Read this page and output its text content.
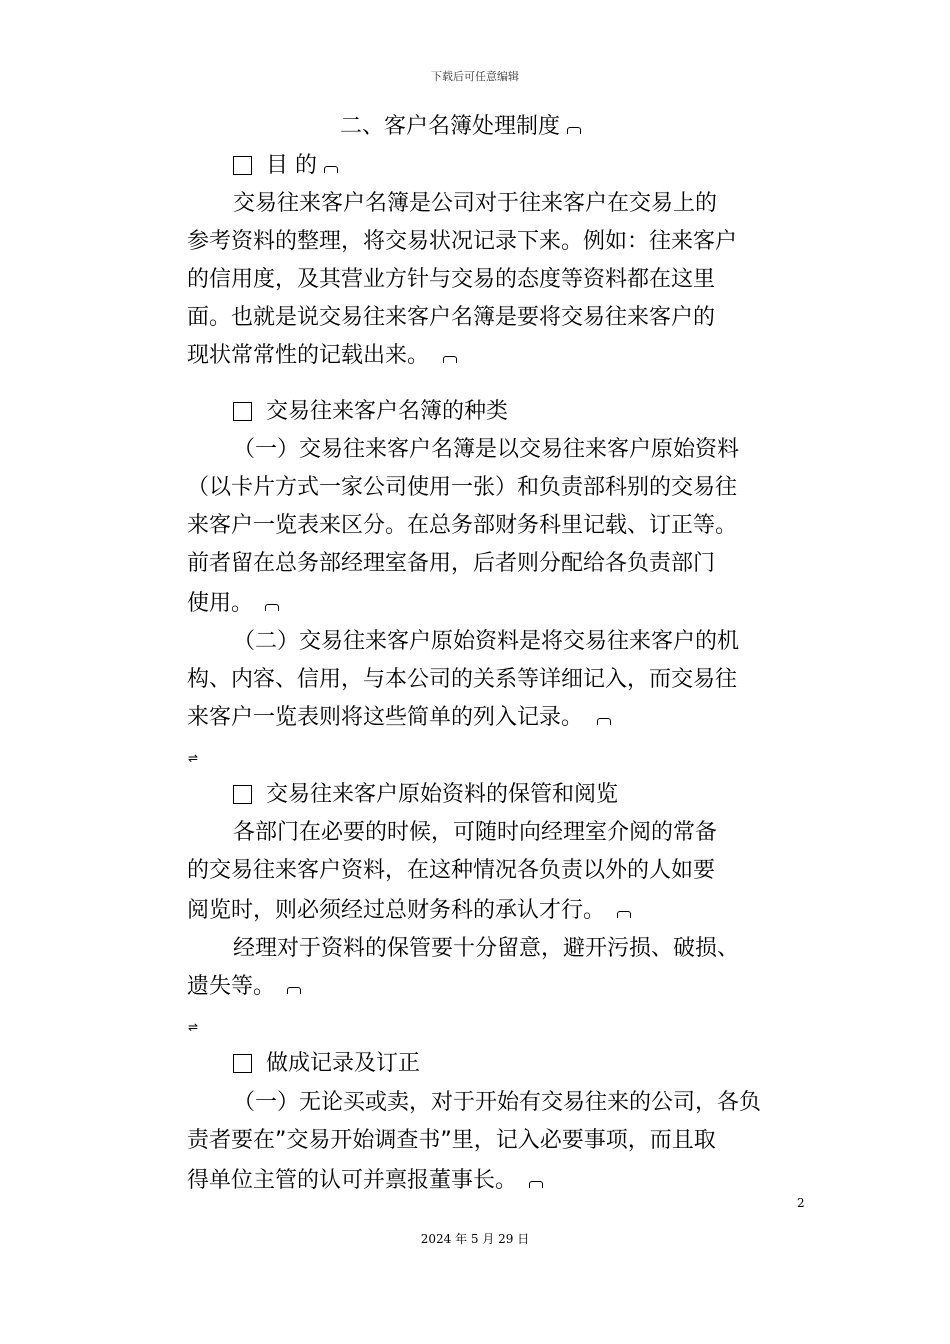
下载后可任意编辑
二、客户名簿处理制度
目 的
交易往来客户名簿是公司对于往来客户在交易上的
参考资料的整理，将交易状况记录下来。例如：往来客户
的信用度，及其营业方针与交易的态度等资料都在这里
面。也就是说交易往来客户名簿是要将交易往来客户的
现状常常性的记载出来。
交易往来客户名簿的种类
（一）交易往来客户名簿是以交易往来客户原始资料
（以卡片方式一家公司使用一张）和负责部科别的交易往
来客户一览表来区分。在总务部财务科里记载、订正等。
前者留在总务部经理室备用，后者则分配给各负责部门
使用。
（二）交易往来客户原始资料是将交易往来客户的机
构、内容、信用，与本公司的关系等详细记入，而交易往
来客户一览表则将这些简单的列入记录。
⇌
交易往来客户原始资料的保管和阅览
各部门在必要的时候，可随时向经理室介阅的常备
的交易往来客户资料，在这种情况各负责以外的人如要
阅览时，则必须经过总财务科的承认才行。
经理对于资料的保管要十分留意，避开污损、破损、
遗失等。
⇌
做成记录及订正
（一）无论买或卖，对于开始有交易往来的公司，各负
责者要在”交易开始调查书”里，记入必要事项，而且取
得单位主管的认可并禀报董事长。
2
2024 年 5 月 29 日
